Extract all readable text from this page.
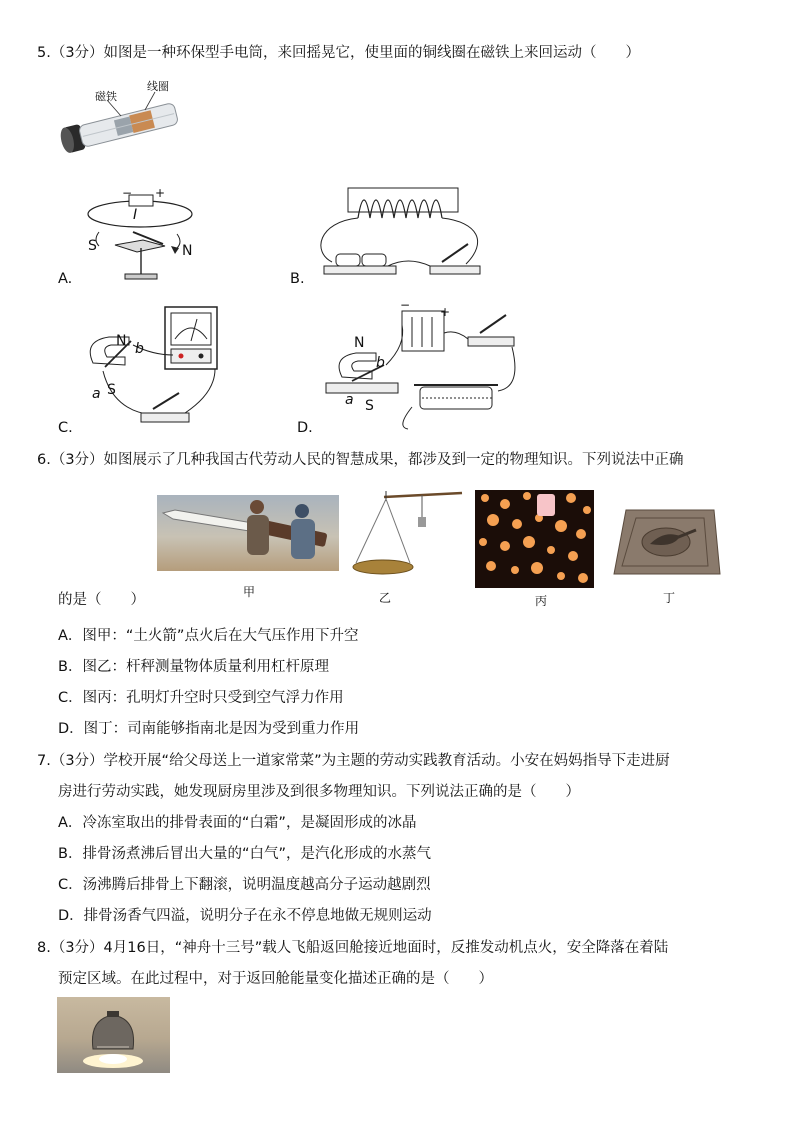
5.（3分）如图是一种环保型手电筒，来回摇晃它，使里面的铜线圈在磁铁上来回运动（　　）
磁铁
线圈
− +
I
S	N
A.	B.
N b
a S
C.
− +
N
b
a S
D.
6.（3分）如图展示了几种我国古代劳动人民的智慧成果，都涉及到一定的物理知识。下列说法中正确
甲	乙	丙	丁
的是（　　）
A．图甲：“土火箭”点火后在大气压作用下升空
B．图乙：杆秤测量物体质量利用杠杆原理
C．图丙：孔明灯升空时只受到空气浮力作用
D．图丁：司南能够指南北是因为受到重力作用
7.（3分）学校开展“给父母送上一道家常菜”为主题的劳动实践教育活动。小安在妈妈指导下走进厨
房进行劳动实践，她发现厨房里涉及到很多物理知识。下列说法正确的是（　　）
A．冷冻室取出的排骨表面的“白霜”，是凝固形成的冰晶
B．排骨汤煮沸后冒出大量的“白气”，是汽化形成的水蒸气
C．汤沸腾后排骨上下翻滚，说明温度越高分子运动越剧烈
D．排骨汤香气四溢，说明分子在永不停息地做无规则运动
8.（3分）4月16日，“神舟十三号”载人飞船返回舱接近地面时，反推发动机点火，安全降落在着陆
预定区域。在此过程中，对于返回舱能量变化描述正确的是（　　）
